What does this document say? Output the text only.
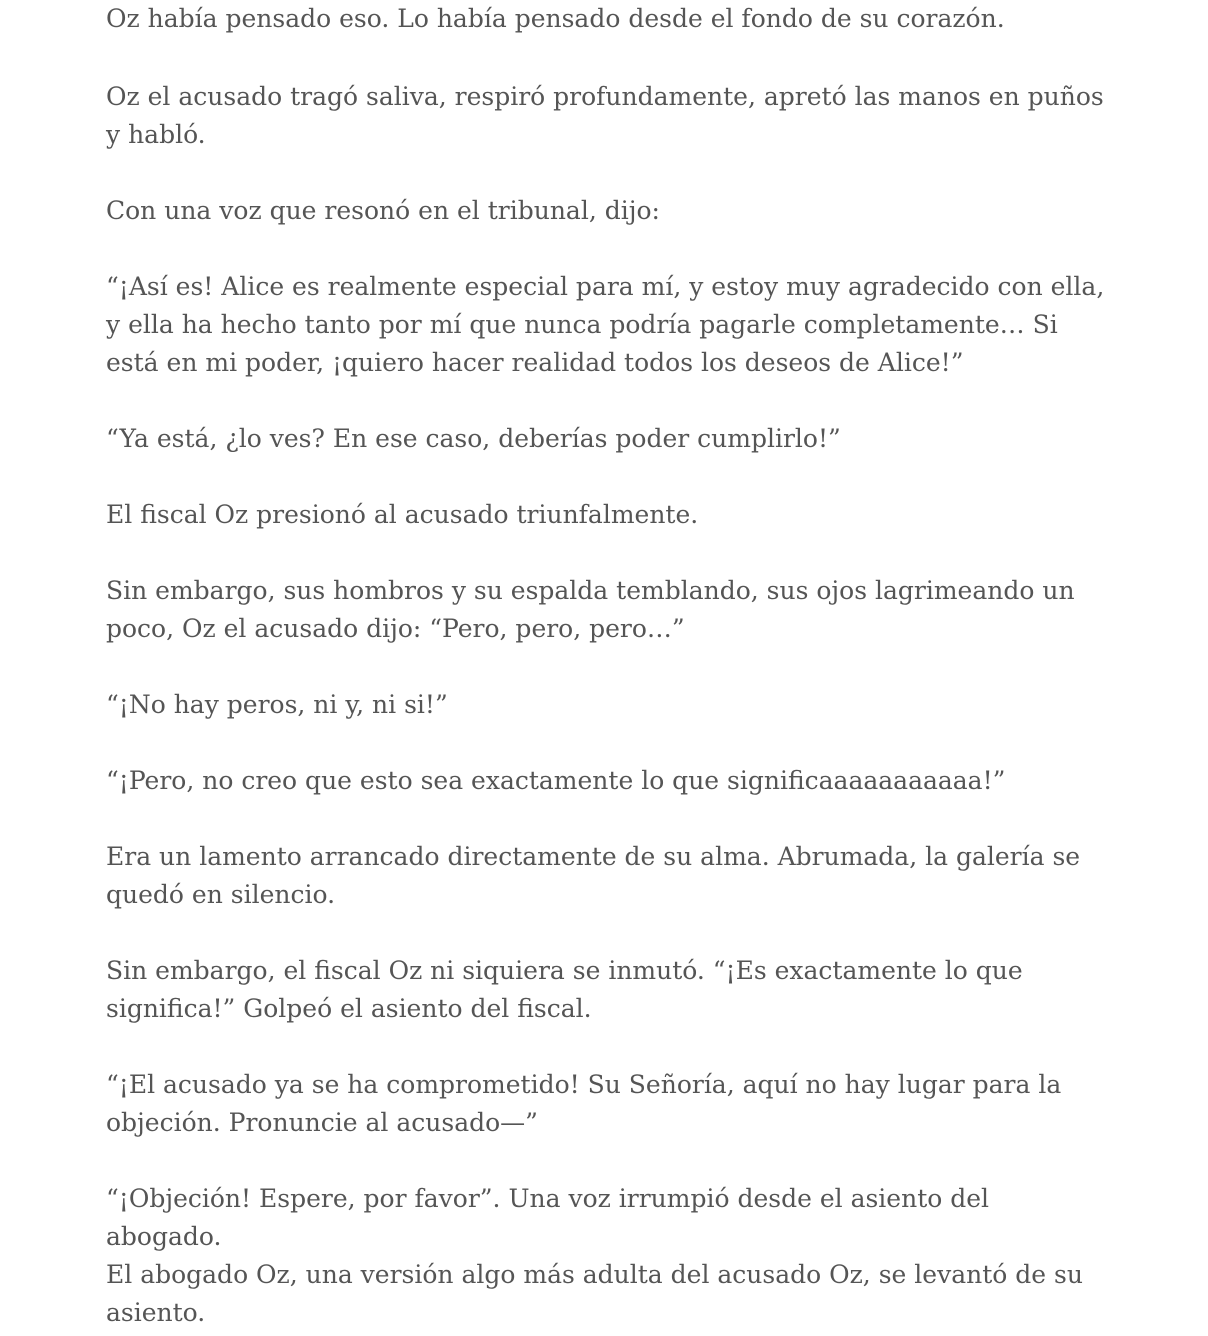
Oz había pensado eso. Lo había pensado desde el fondo de su corazón.

Oz el acusado tragó saliva, respiró profundamente, apretó las manos en puños y habló.

Con una voz que resonó en el tribunal, dijo:

“¡Así es! Alice es realmente especial para mí, y estoy muy agradecido con ella, y ella ha hecho tanto por mí que nunca podría pagarle completamente… Si está en mi poder, ¡quiero hacer realidad todos los deseos de Alice!”

“Ya está, ¿lo ves? En ese caso, deberías poder cumplirlo!”

El fiscal Oz presionó al acusado triunfalmente.

Sin embargo, sus hombros y su espalda temblando, sus ojos lagrimeando un poco, Oz el acusado dijo: “Pero, pero, pero…”

“¡No hay peros, ni y, ni si!”

“¡Pero, no creo que esto sea exactamente lo que significaaaaaaaaaaa!”

Era un lamento arrancado directamente de su alma. Abrumada, la galería se quedó en silencio.

Sin embargo, el fiscal Oz ni siquiera se inmutó. “¡Es exactamente lo que significa!” Golpeó el asiento del fiscal.

“¡El acusado ya se ha comprometido! Su Señoría, aquí no hay lugar para la objeción. Pronuncie al acusado—”

“¡Objeción! Espere, por favor”. Una voz irrumpió desde el asiento del abogado.

El abogado Oz, una versión algo más adulta del acusado Oz, se levantó de su asiento.
